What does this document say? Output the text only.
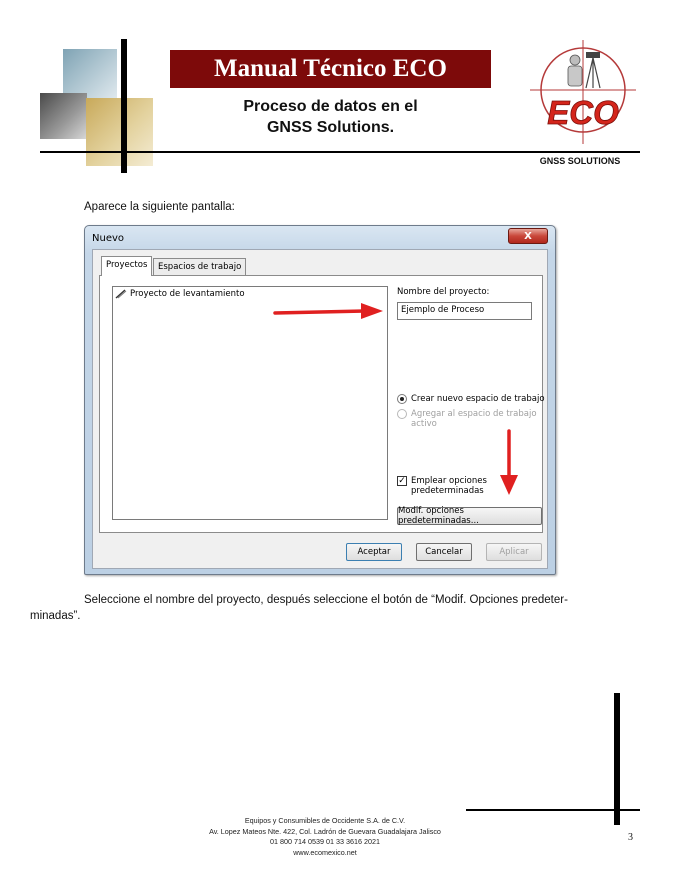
Manual Técnico ECO
Proceso de datos en el
GNSS Solutions.	ECO
GNSS SOLUTIONS

Aparece la siguiente pantalla:

Nuevo	X
Proyectos	Espacios de trabajo
Proyecto de levantamiento	Nombre del proyecto:
Ejemplo de Proceso
Crear nuevo espacio de trabajo
Agregar al espacio de trabajo activo
✓ Emplear opciones predeterminadas
Modif. opciones predeterminadas...
Aceptar	Cancelar	Aplicar

Seleccione el nombre del proyecto, después seleccione el botón de “Modif. Opciones predeter-minadas”.

Equipos y Consumibles de Occidente S.A. de C.V.
Av. Lopez Mateos Nte. 422, Col. Ladrón de Guevara Guadalajara Jalisco
01 800 714 0539 01 33 3616 2021
www.ecomexico.net
3
